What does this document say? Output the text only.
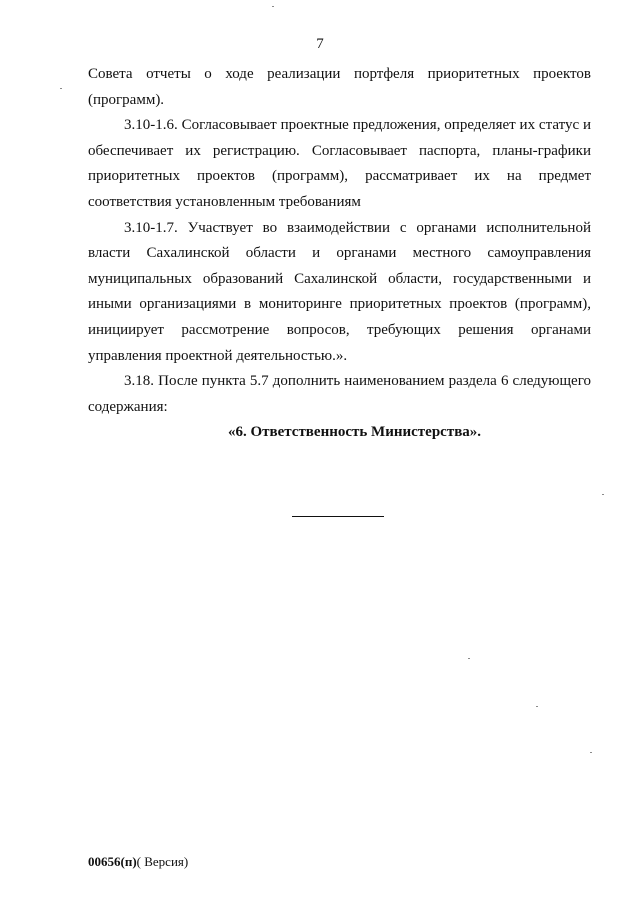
7

Совета отчеты о ходе реализации портфеля приоритетных проектов (программ).

3.10-1.6. Согласовывает проектные предложения, определяет их статус и обеспечивает их регистрацию. Согласовывает паспорта, планы-графики приоритетных проектов (программ), рассматривает их на предмет соответствия установленным требованиям

3.10-1.7. Участвует во взаимодействии с органами исполнительной власти Сахалинской области и органами местного самоуправления муниципальных образований Сахалинской области, государственными и иными организациями в мониторинге приоритетных проектов (программ), инициирует рассмотрение вопросов, требующих решения органами управления проектной деятельностью.».

3.18. После пункта 5.7 дополнить наименованием раздела 6 следующего содержания:

«6. Ответственность Министерства».

00656(п)( Версия)
